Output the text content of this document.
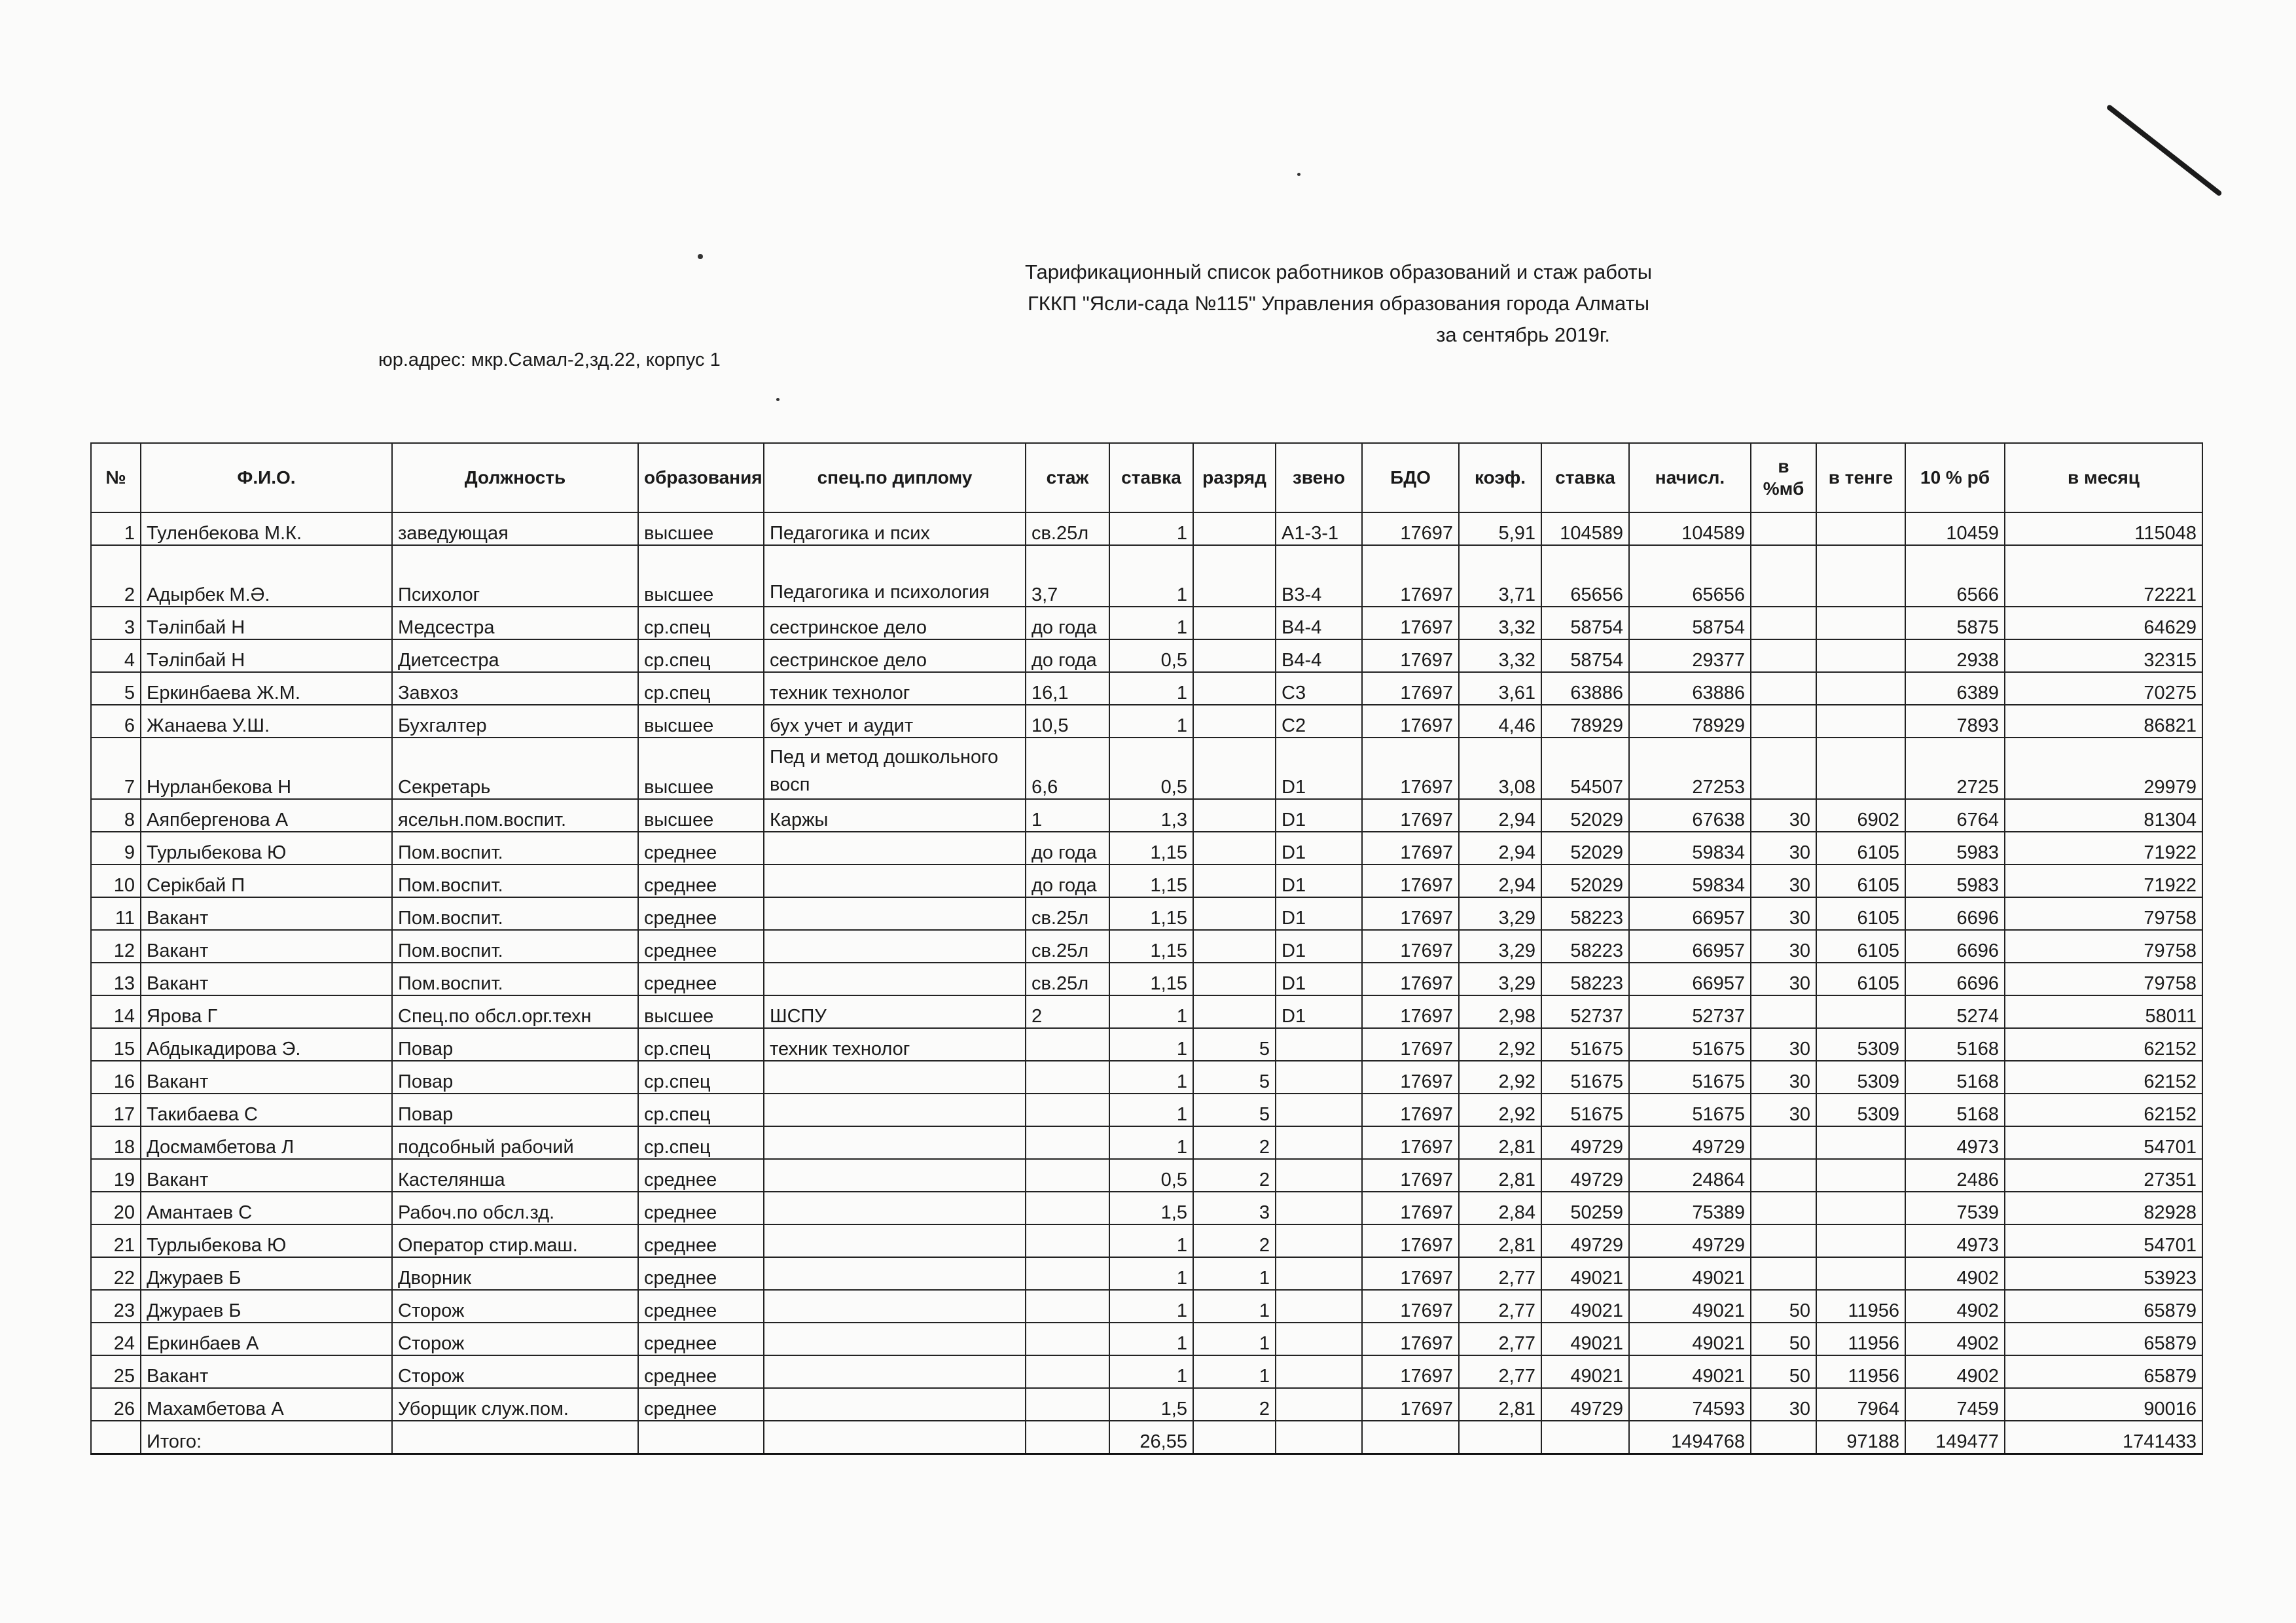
Тарификационный список работников образований и стаж работы
ГККП "Ясли-сада №115" Управления образования города Алматы
за сентябрь 2019г.
юр.адрес: мкр.Самал-2,зд.22, корпус 1
№	Ф.И.О.	Должность	образования	спец.по диплому	стаж	ставка	разряд	звено	БДО	коэф.	ставка	начисл.	в %мб	в тенге	10 % рб	в месяц
1	Туленбекова М.К.	заведующая	высшее	Педагогика и псих	св.25л	1		А1-3-1	17697	5,91	104589	104589			10459	115048
2	Адырбек М.Ә.	Психолог	высшее	Педагогика и психология	3,7	1		В3-4	17697	3,71	65656	65656			6566	72221
3	Тәліпбай Н	Медсестра	ср.спец	сестринское дело	до года	1		В4-4	17697	3,32	58754	58754			5875	64629
4	Тәліпбай Н	Диетсестра	ср.спец	сестринское дело	до года	0,5		В4-4	17697	3,32	58754	29377			2938	32315
5	Еркинбаева Ж.М.	Завхоз	ср.спец	техник технолог	16,1	1		С3	17697	3,61	63886	63886			6389	70275
6	Жанаева У.Ш.	Бухгалтер	высшее	бух учет и аудит	10,5	1		С2	17697	4,46	78929	78929			7893	86821
7	Нурланбекова Н	Секретарь	высшее	Пед и метод дошкольного восп	6,6	0,5		D1	17697	3,08	54507	27253			2725	29979
8	Аяпбергенова А	ясельн.пом.воспит.	высшее	Каржы	1	1,3		D1	17697	2,94	52029	67638	30	6902	6764	81304
9	Турлыбекова Ю	Пом.воспит.	среднее		до года	1,15		D1	17697	2,94	52029	59834	30	6105	5983	71922
10	Серікбай П	Пом.воспит.	среднее		до года	1,15		D1	17697	2,94	52029	59834	30	6105	5983	71922
11	Вакант	Пом.воспит.	среднее		св.25л	1,15		D1	17697	3,29	58223	66957	30	6105	6696	79758
12	Вакант	Пом.воспит.	среднее		св.25л	1,15		D1	17697	3,29	58223	66957	30	6105	6696	79758
13	Вакант	Пом.воспит.	среднее		св.25л	1,15		D1	17697	3,29	58223	66957	30	6105	6696	79758
14	Ярова Г	Спец.по обсл.орг.техн	высшее	ШСПУ	2	1		D1	17697	2,98	52737	52737			5274	58011
15	Абдыкадирова Э.	Повар	ср.спец	техник технолог		1	5		17697	2,92	51675	51675	30	5309	5168	62152
16	Вакант	Повар	ср.спец			1	5		17697	2,92	51675	51675	30	5309	5168	62152
17	Такибаева С	Повар	ср.спец			1	5		17697	2,92	51675	51675	30	5309	5168	62152
18	Досмамбетова Л	подсобный рабочий	ср.спец			1	2		17697	2,81	49729	49729			4973	54701
19	Вакант	Кастелянша	среднее			0,5	2		17697	2,81	49729	24864			2486	27351
20	Амантаев С	Рабоч.по обсл.зд.	среднее			1,5	3		17697	2,84	50259	75389			7539	82928
21	Турлыбекова Ю	Оператор стир.маш.	среднее			1	2		17697	2,81	49729	49729			4973	54701
22	Джураев Б	Дворник	среднее			1	1		17697	2,77	49021	49021			4902	53923
23	Джураев Б	Сторож	среднее			1	1		17697	2,77	49021	49021	50	11956	4902	65879
24	Еркинбаев А	Сторож	среднее			1	1		17697	2,77	49021	49021	50	11956	4902	65879
25	Вакант	Сторож	среднее			1	1		17697	2,77	49021	49021	50	11956	4902	65879
26	Махамбетова А	Уборщик служ.пом.	среднее			1,5	2		17697	2,81	49729	74593	30	7964	7459	90016
	Итого:					26,55						1494768		97188	149477	1741433
